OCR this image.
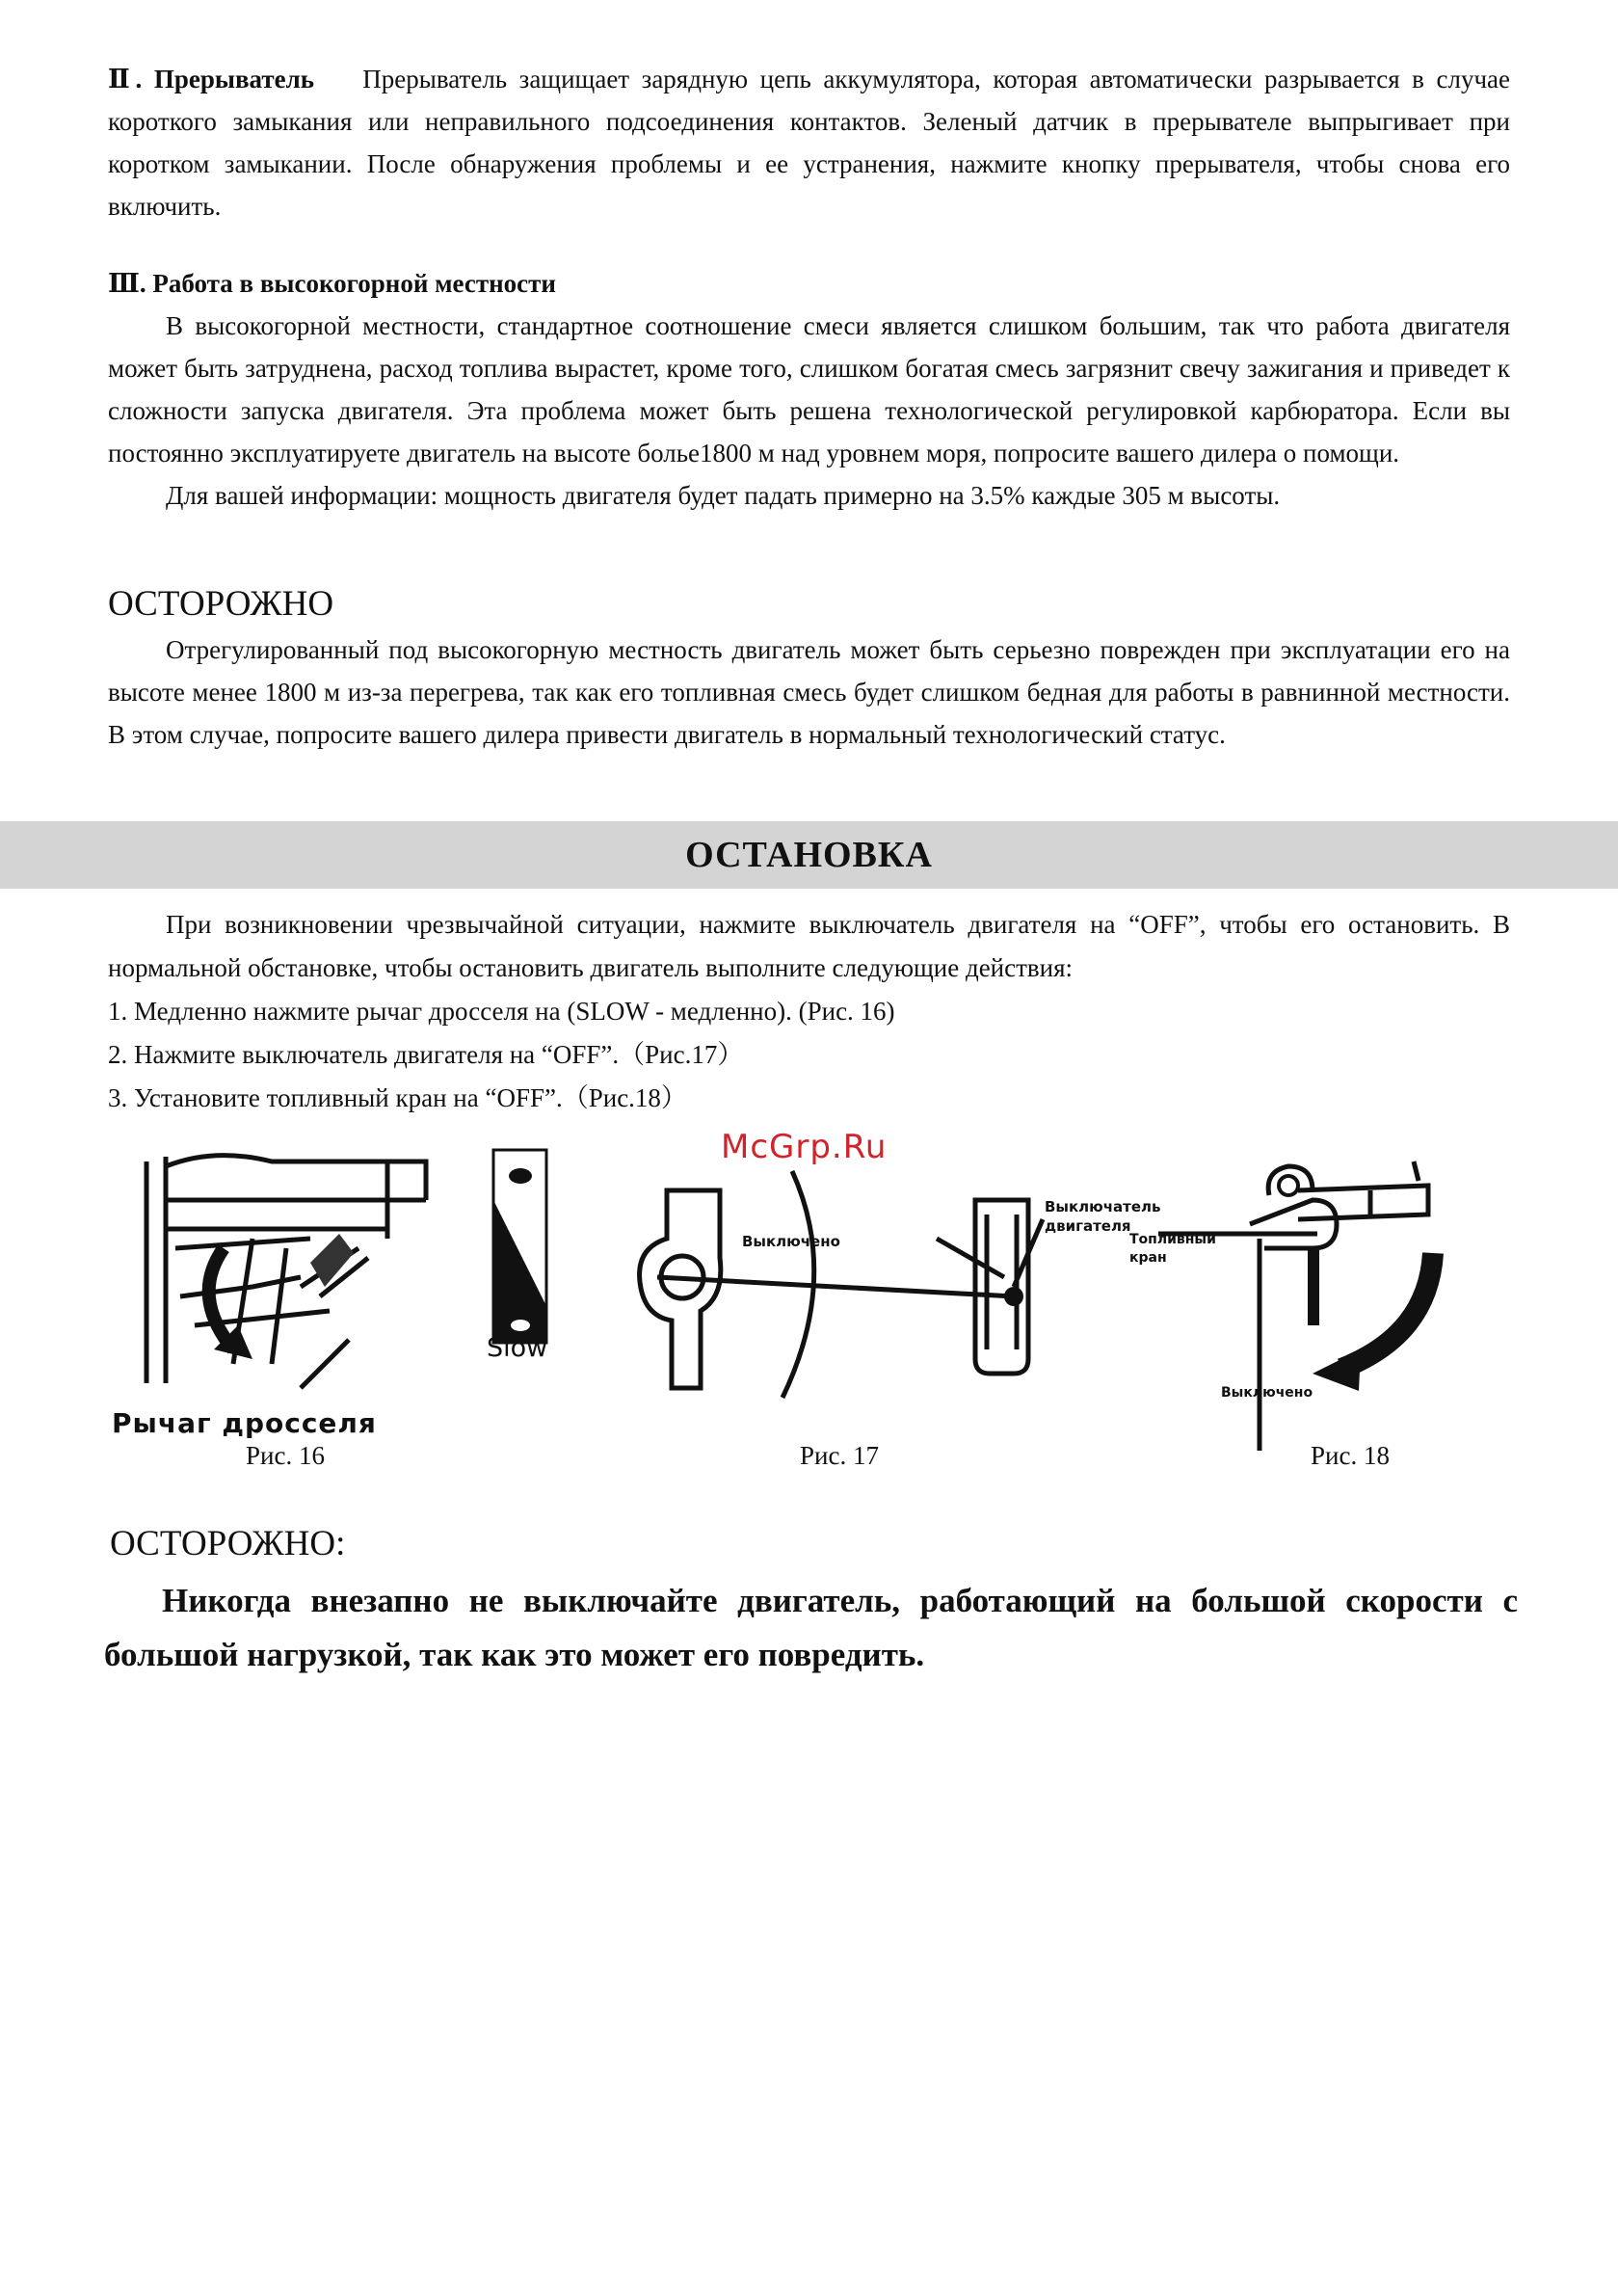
Ⅱ. Прерыватель Прерыватель защищает зарядную цепь аккумулятора, которая автоматически разрывается в случае короткого замыкания или неправильного подсоединения контактов. Зеленый датчик в прерывателе выпрыгивает при коротком замыкании. После обнаружения проблемы и ее устранения, нажмите кнопку прерывателя, чтобы снова его включить.

Ⅲ. Работа в высокогорной местности

В высокогорной местности, стандартное соотношение смеси является слишком большим, так что работа двигателя может быть затруднена, расход топлива вырастет, кроме того, слишком богатая смесь загрязнит свечу зажигания и приведет к сложности запуска двигателя. Эта проблема может быть решена технологической регулировкой карбюратора. Если вы постоянно эксплуатируете двигатель на высоте больe1800 м над уровнем моря, попросите вашего дилера о помощи.

Для вашей информации: мощность двигателя будет падать примерно на 3.5% каждые 305 м высоты.

ОСТОРОЖНО

Отрегулированный под высокогорную местность двигатель может быть серьезно поврежден при эксплуатации его на высоте менее 1800 м из-за перегрева, так как его топливная смесь будет слишком бедная для работы в равнинной местности. В этом случае, попросите вашего дилера привести двигатель в нормальный технологический статус.

ОСТАНОВКА

При возникновении чрезвычайной ситуации, нажмите выключатель двигателя на “OFF”, чтобы его остановить. В нормальной обстановке, чтобы остановить двигатель выполните следующие действия:

1. Медленно нажмите рычаг дросселя на (SLOW - медленно). (Рис. 16)

2. Нажмите выключатель двигателя на “OFF”.（Рис.17）

3. Установите топливный кран на “OFF”.（Рис.18）

McGrp.Ru
Slow
Рычаг дросселя
Выключено
Выключатель
двигателя
Топливный
кран
Выключено
Рис. 16	Рис. 17	Рис. 18
ОСТОРОЖНО:

Никогда внезапно не выключайте двигатель, работающий на большой скорости с большой нагрузкой, так как это может его повредить.
